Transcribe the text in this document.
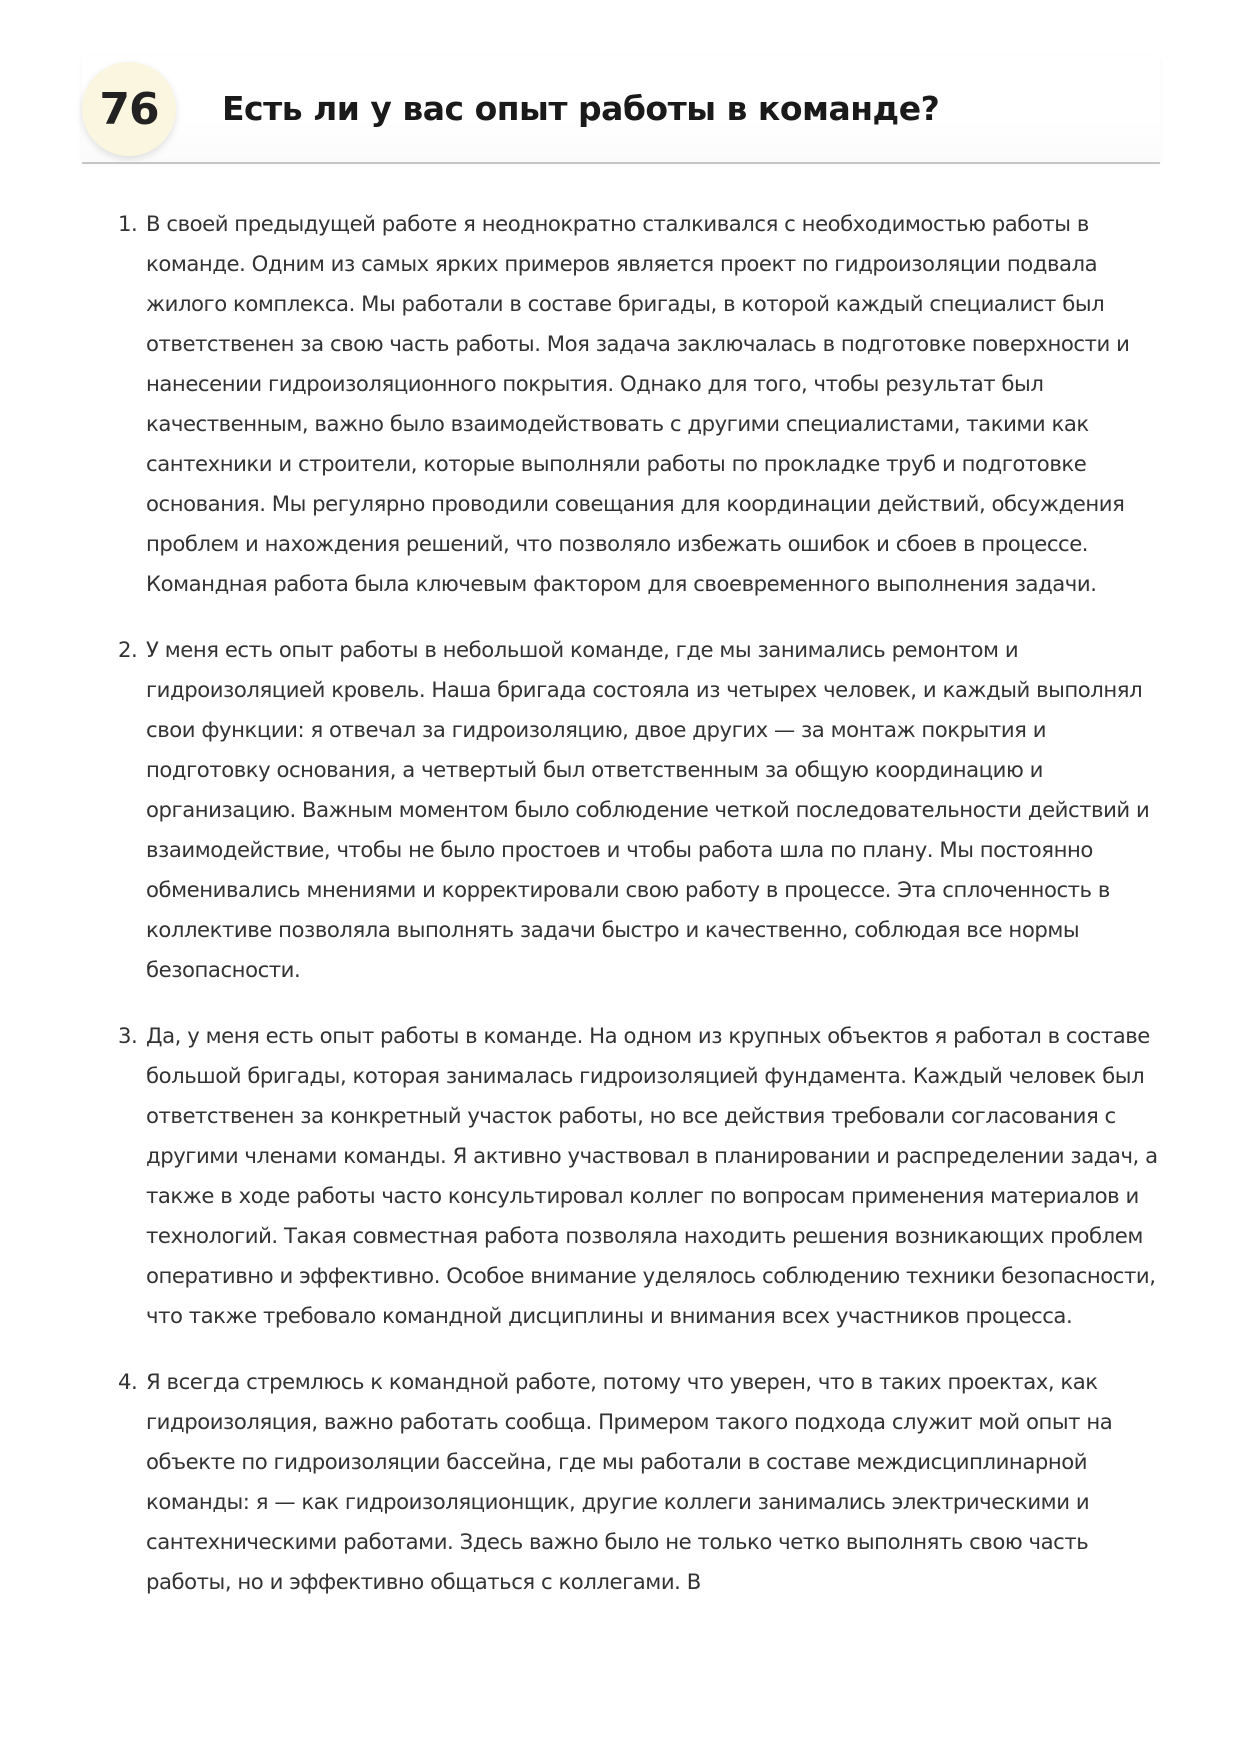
76	Есть ли у вас опыт работы в команде?
1. В своей предыдущей работе я неоднократно сталкивался с необходимостью работы в команде. Одним из самых ярких примеров является проект по гидроизоляции подвала жилого комплекса. Мы работали в составе бригады, в которой каждый специалист был ответственен за свою часть работы. Моя задача заключалась в подготовке поверхности и нанесении гидроизоляционного покрытия. Однако для того, чтобы результат был качественным, важно было взаимодействовать с другими специалистами, такими как сантехники и строители, которые выполняли работы по прокладке труб и подготовке основания. Мы регулярно проводили совещания для координации действий, обсуждения проблем и нахождения решений, что позволяло избежать ошибок и сбоев в процессе. Командная работа была ключевым фактором для своевременного выполнения задачи.
2. У меня есть опыт работы в небольшой команде, где мы занимались ремонтом и гидроизоляцией кровель. Наша бригада состояла из четырех человек, и каждый выполнял свои функции: я отвечал за гидроизоляцию, двое других — за монтаж покрытия и подготовку основания, а четвертый был ответственным за общую координацию и организацию. Важным моментом было соблюдение четкой последовательности действий и взаимодействие, чтобы не было простоев и чтобы работа шла по плану. Мы постоянно обменивались мнениями и корректировали свою работу в процессе. Эта сплоченность в коллективе позволяла выполнять задачи быстро и качественно, соблюдая все нормы безопасности.
3. Да, у меня есть опыт работы в команде. На одном из крупных объектов я работал в составе большой бригады, которая занималась гидроизоляцией фундамента. Каждый человек был ответственен за конкретный участок работы, но все действия требовали согласования с другими членами команды. Я активно участвовал в планировании и распределении задач, а также в ходе работы часто консультировал коллег по вопросам применения материалов и технологий. Такая совместная работа позволяла находить решения возникающих проблем оперативно и эффективно. Особое внимание уделялось соблюдению техники безопасности, что также требовало командной дисциплины и внимания всех участников процесса.
4. Я всегда стремлюсь к командной работе, потому что уверен, что в таких проектах, как гидроизоляция, важно работать сообща. Примером такого подхода служит мой опыт на объекте по гидроизоляции бассейна, где мы работали в составе междисциплинарной команды: я — как гидроизоляционщик, другие коллеги занимались электрическими и сантехническими работами. Здесь важно было не только четко выполнять свою часть работы, но и эффективно общаться с коллегами. В
